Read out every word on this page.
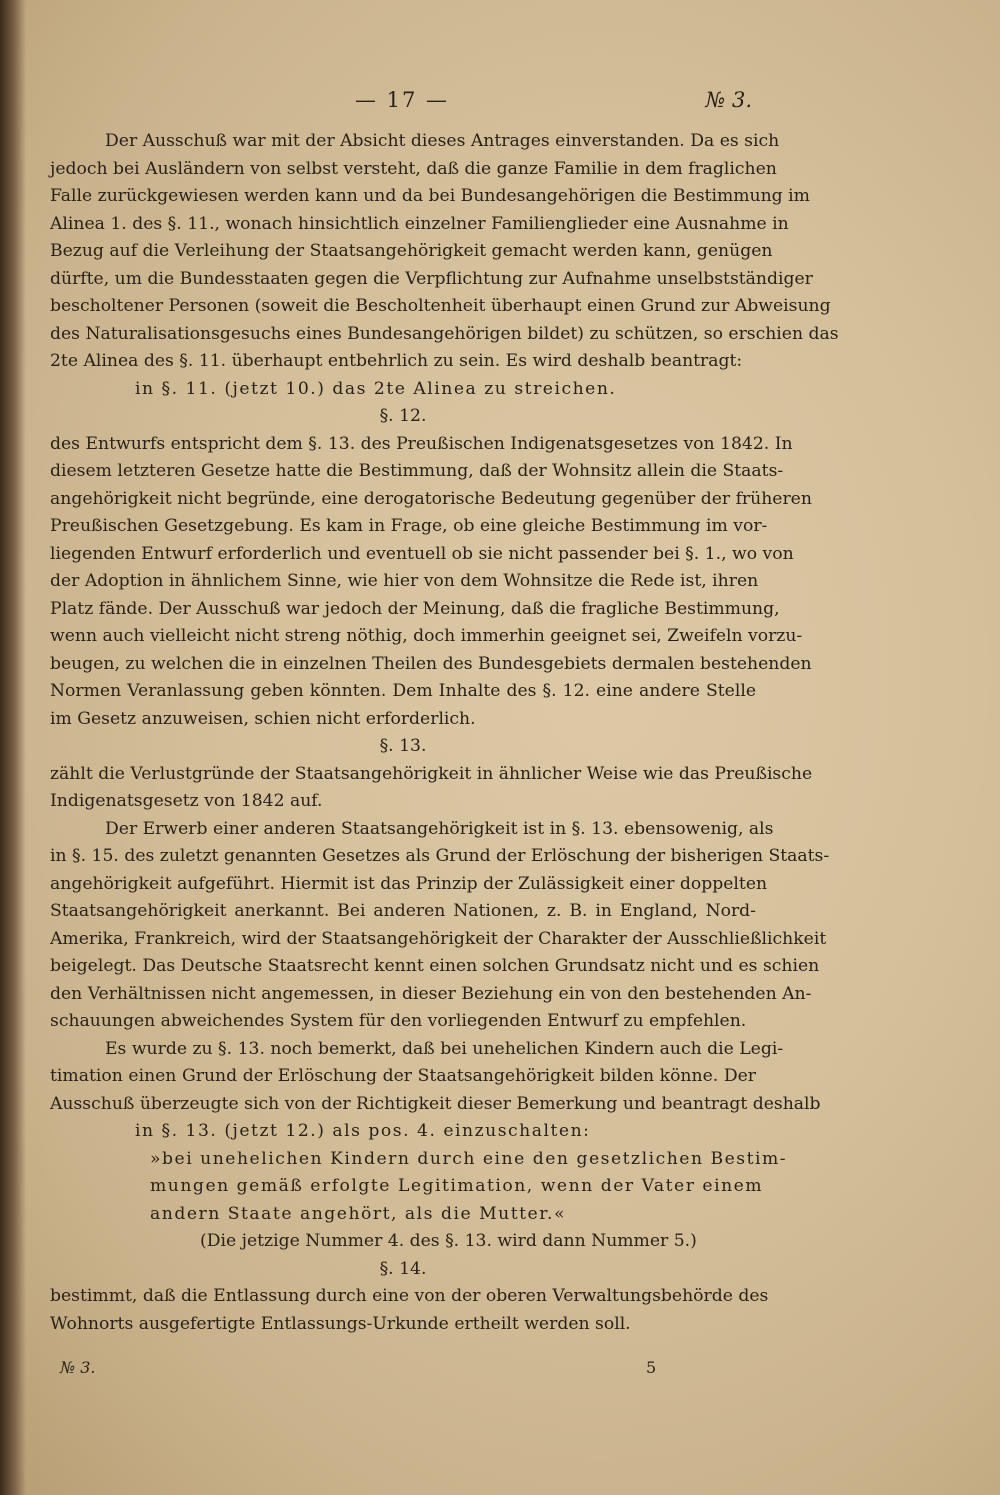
— 17 —	№ 3.
Der Ausschuß war mit der Absicht dieses Antrages einverstanden. Da es sich
jedoch bei Ausländern von selbst versteht, daß die ganze Familie in dem fraglichen
Falle zurückgewiesen werden kann und da bei Bundesangehörigen die Bestimmung im
Alinea 1. des §. 11., wonach hinsichtlich einzelner Familienglieder eine Ausnahme in
Bezug auf die Verleihung der Staatsangehörigkeit gemacht werden kann, genügen
dürfte, um die Bundesstaaten gegen die Verpflichtung zur Aufnahme unselbstständiger
bescholtener Personen (soweit die Bescholtenheit überhaupt einen Grund zur Abweisung
des Naturalisationsgesuchs eines Bundesangehörigen bildet) zu schützen, so erschien das
2te Alinea des §. 11. überhaupt entbehrlich zu sein. Es wird deshalb beantragt:
in §. 11. (jetzt 10.) das 2te Alinea zu streichen.
§. 12.
des Entwurfs entspricht dem §. 13. des Preußischen Indigenatsgesetzes von 1842. In
diesem letzteren Gesetze hatte die Bestimmung, daß der Wohnsitz allein die Staats-
angehörigkeit nicht begründe, eine derogatorische Bedeutung gegenüber der früheren
Preußischen Gesetzgebung. Es kam in Frage, ob eine gleiche Bestimmung im vor-
liegenden Entwurf erforderlich und eventuell ob sie nicht passender bei §. 1., wo von
der Adoption in ähnlichem Sinne, wie hier von dem Wohnsitze die Rede ist, ihren
Platz fände. Der Ausschuß war jedoch der Meinung, daß die fragliche Bestimmung,
wenn auch vielleicht nicht streng nöthig, doch immerhin geeignet sei, Zweifeln vorzu-
beugen, zu welchen die in einzelnen Theilen des Bundesgebiets dermalen bestehenden
Normen Veranlassung geben könnten. Dem Inhalte des §. 12. eine andere Stelle
im Gesetz anzuweisen, schien nicht erforderlich.
§. 13.
zählt die Verlustgründe der Staatsangehörigkeit in ähnlicher Weise wie das Preußische
Indigenatsgesetz von 1842 auf.
Der Erwerb einer anderen Staatsangehörigkeit ist in §. 13. ebensowenig, als
in §. 15. des zuletzt genannten Gesetzes als Grund der Erlöschung der bisherigen Staats-
angehörigkeit aufgeführt. Hiermit ist das Prinzip der Zulässigkeit einer doppelten
Staatsangehörigkeit anerkannt. Bei anderen Nationen, z. B. in England, Nord-
Amerika, Frankreich, wird der Staatsangehörigkeit der Charakter der Ausschließlichkeit
beigelegt. Das Deutsche Staatsrecht kennt einen solchen Grundsatz nicht und es schien
den Verhältnissen nicht angemessen, in dieser Beziehung ein von den bestehenden An-
schauungen abweichendes System für den vorliegenden Entwurf zu empfehlen.
Es wurde zu §. 13. noch bemerkt, daß bei unehelichen Kindern auch die Legi-
timation einen Grund der Erlöschung der Staatsangehörigkeit bilden könne. Der
Ausschuß überzeugte sich von der Richtigkeit dieser Bemerkung und beantragt deshalb
in §. 13. (jetzt 12.) als pos. 4. einzuschalten:
»bei unehelichen Kindern durch eine den gesetzlichen Bestim-
mungen gemäß erfolgte Legitimation, wenn der Vater einem
andern Staate angehört, als die Mutter.«
(Die jetzige Nummer 4. des §. 13. wird dann Nummer 5.)
§. 14.
bestimmt, daß die Entlassung durch eine von der oberen Verwaltungsbehörde des
Wohnorts ausgefertigte Entlassungs-Urkunde ertheilt werden soll.
№ 3.	5
